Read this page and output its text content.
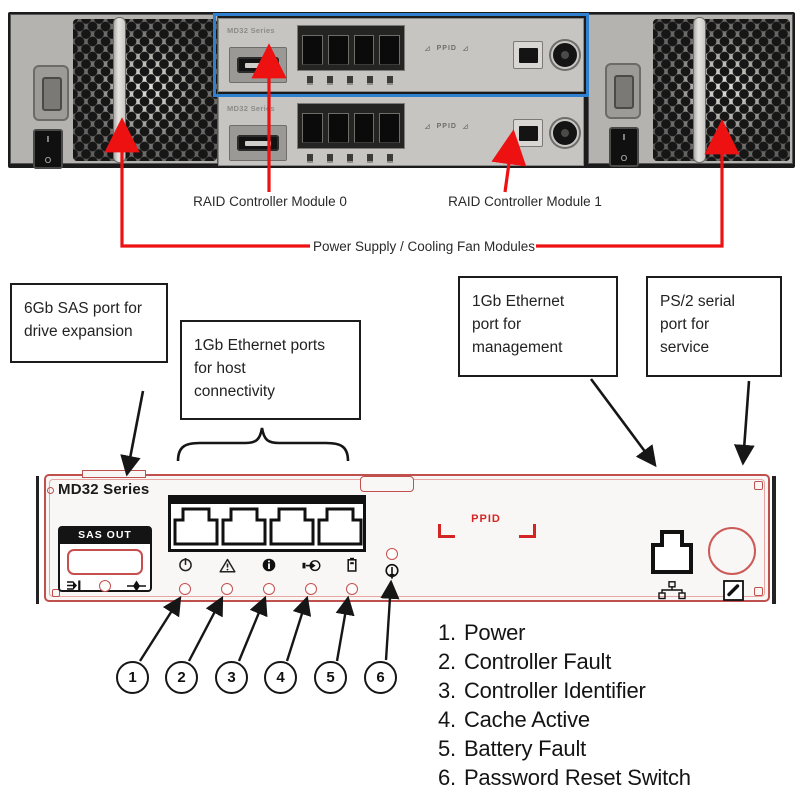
I
O
I
O
MD32 Series
◿ PPID ◿
MD32 Series
◿ PPID ◿
RAID Controller Module 0	RAID Controller Module 1
Power Supply / Cooling Fan Modules
6Gb SAS port for
drive expansion
1Gb Ethernet ports
for host
connectivity
1Gb Ethernet
port for
management
PS/2 serial
port for
service
MD32 Series
SAS OUT
PPID
1	2	3	4	5	6
1. Power
2. Controller Fault
3. Controller Identifier
4. Cache Active
5. Battery Fault
6. Password Reset Switch
